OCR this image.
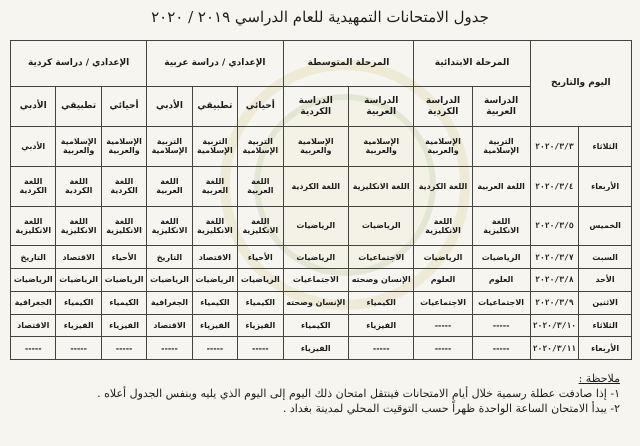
جدول الامتحانات التمهيدية للعام الدراسي ٢٠١٩ / ٢٠٢٠
اليوم والتاريخ		المرحلة الابتدائية		المرحلة المتوسطة		الإعدادي / دراسة عربية			الإعدادي / دراسة كردية		
		الدراسة العربية	الدراسة الكردية	الدراسة العربية	الدراسة الكردية	أحيائي	تطبيقي	الأدبي	أحيائي	تطبيقي	الأدبي
الثلاثاء	٢٠٢٠/٣/٣	التربية الإسلامية	الإسلامية والعربية	الإسلامية والعربية	الإسلامية والعربية	التربية الإسلامية	التربية الإسلامية	التربية الإسلامية	الإسلامية والعربية	الإسلامية والعربية	الأدبي
الأربعاء	٢٠٢٠/٣/٤	اللغة العربية	اللغة الكردية	اللغة الانكليزية	اللغة الكردية	اللغة العربية	اللغة العربية	اللغة العربية	اللغة الكردية	اللغة الكردية	اللغة الكردية
الخميس	٢٠٢٠/٣/٥	اللغة الانكليزية	اللغة الانكليزية	الرياضيات	الرياضيات	اللغة الانكليزية	اللغة الانكليزية	اللغة الانكليزية	اللغة الانكليزية	اللغة الانكليزية	اللغة الانكليزية
السبت	٢٠٢٠/٣/٧	الرياضيات	الرياضيات	الاجتماعيات	الرياضيات	الأحياء	الاقتصاد	التاريخ	الأحياء	الاقتصاد	التاريخ
الأحد	٢٠٢٠/٣/٨	العلوم	العلوم	الإنسان وصحته	الاجتماعيات	الرياضيات	الرياضيات	الرياضيات	الرياضيات	الرياضيات	الرياضيات
الاثنين	٢٠٢٠/٣/٩	الاجتماعيات	الاجتماعيات	الكيمياء	الإنسان وصحته	الكيمياء	الكيمياء	الجغرافية	الكيمياء	الكيمياء	الجغرافية
الثلاثاء	٢٠٢٠/٣/١٠	-----	-----	الفيزياء	الكيمياء	الفيزياء	الفيزياء	الاقتصاد	الفيزياء	الفيزياء	الاقتصاد
الأربعاء	٢٠٢٠/٣/١١	-----	-----	-----	الفيزياء	-----	-----	-----	-----	-----	-----
ملاحظة :
١- إذا صادفت عطلة رسمية خلال أيام الامتحانات فينتقل امتحان ذلك اليوم إلى اليوم الذي يليه وبنفس الجدول أعلاه .
٢- يبدأ الامتحان الساعة الواحدة ظهراً حسب التوقيت المحلي لمدينة بغداد .
